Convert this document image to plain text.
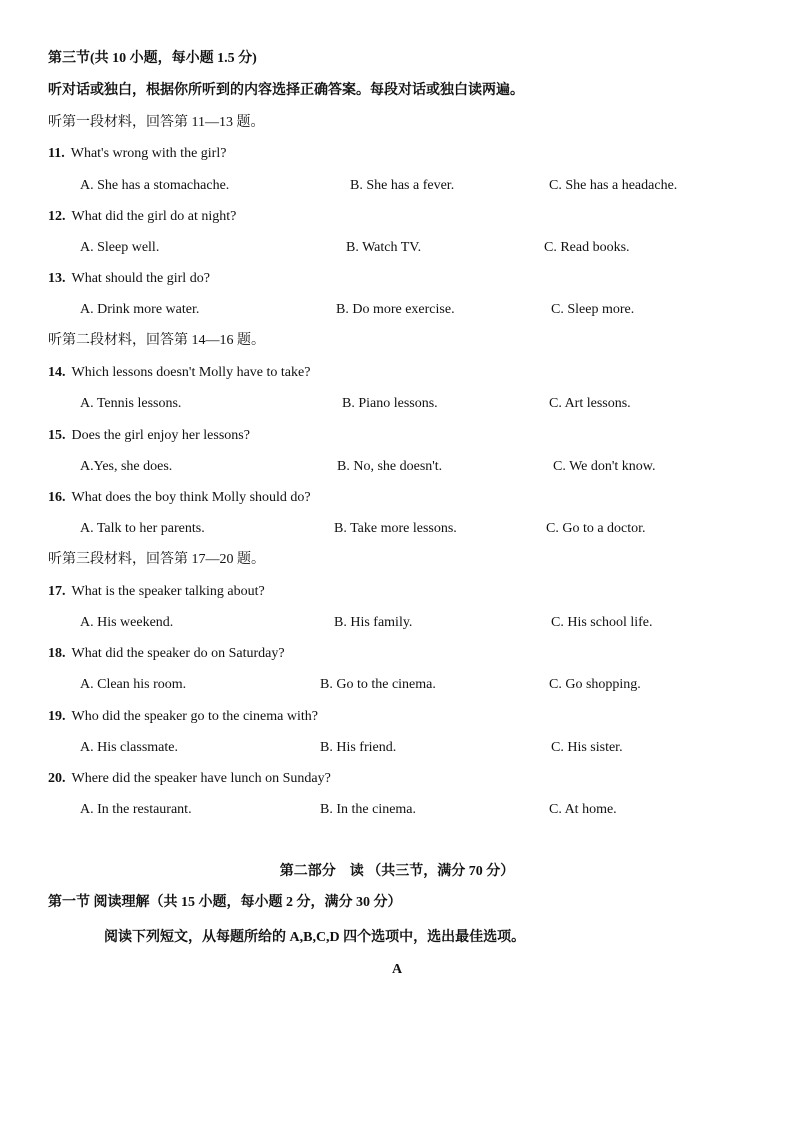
第三节(共 10 小题，每小题 1.5 分)
听对话或独白，根据你所听到的内容选择正确答案。每段对话或独白读两遍。
听第一段材料，回答第 11—13 题。
11. What's wrong with the girl?
A. She has a stomachache.	B. She has a fever.	C. She has a headache.
12. What did the girl do at night?
A. Sleep well.	B. Watch TV.	C. Read books.
13. What should the girl do?
A. Drink more water.	B. Do more exercise.	C. Sleep more.
听第二段材料，回答第 14—16 题。
14. Which lessons doesn't Molly have to take?
A. Tennis lessons.	B. Piano lessons.	C. Art lessons.
15. Does the girl enjoy her lessons?
A.Yes, she does.	B. No, she doesn't.	C. We don't know.
16. What does the boy think Molly should do?
A. Talk to her parents.	B. Take more lessons.	C. Go to a doctor.
听第三段材料，回答第 17—20 题。
17. What is the speaker talking about?
A. His weekend.	B. His family.	C. His school life.
18. What did the speaker do on Saturday?
A. Clean his room.	B. Go to the cinema.	C. Go shopping.
19. Who did the speaker go to the cinema with?
A. His classmate.	B. His friend.	C. His sister.
20. Where did the speaker have lunch on Sunday?
A. In the restaurant.	B. In the cinema.	C. At home.
第二部分    读 （共三节，满分 70 分）
第一节 阅读理解（共 15 小题，每小题 2 分，满分 30 分）
阅读下列短文，从每题所给的 A,B,C,D 四个选项中，选出最佳选项。
A
